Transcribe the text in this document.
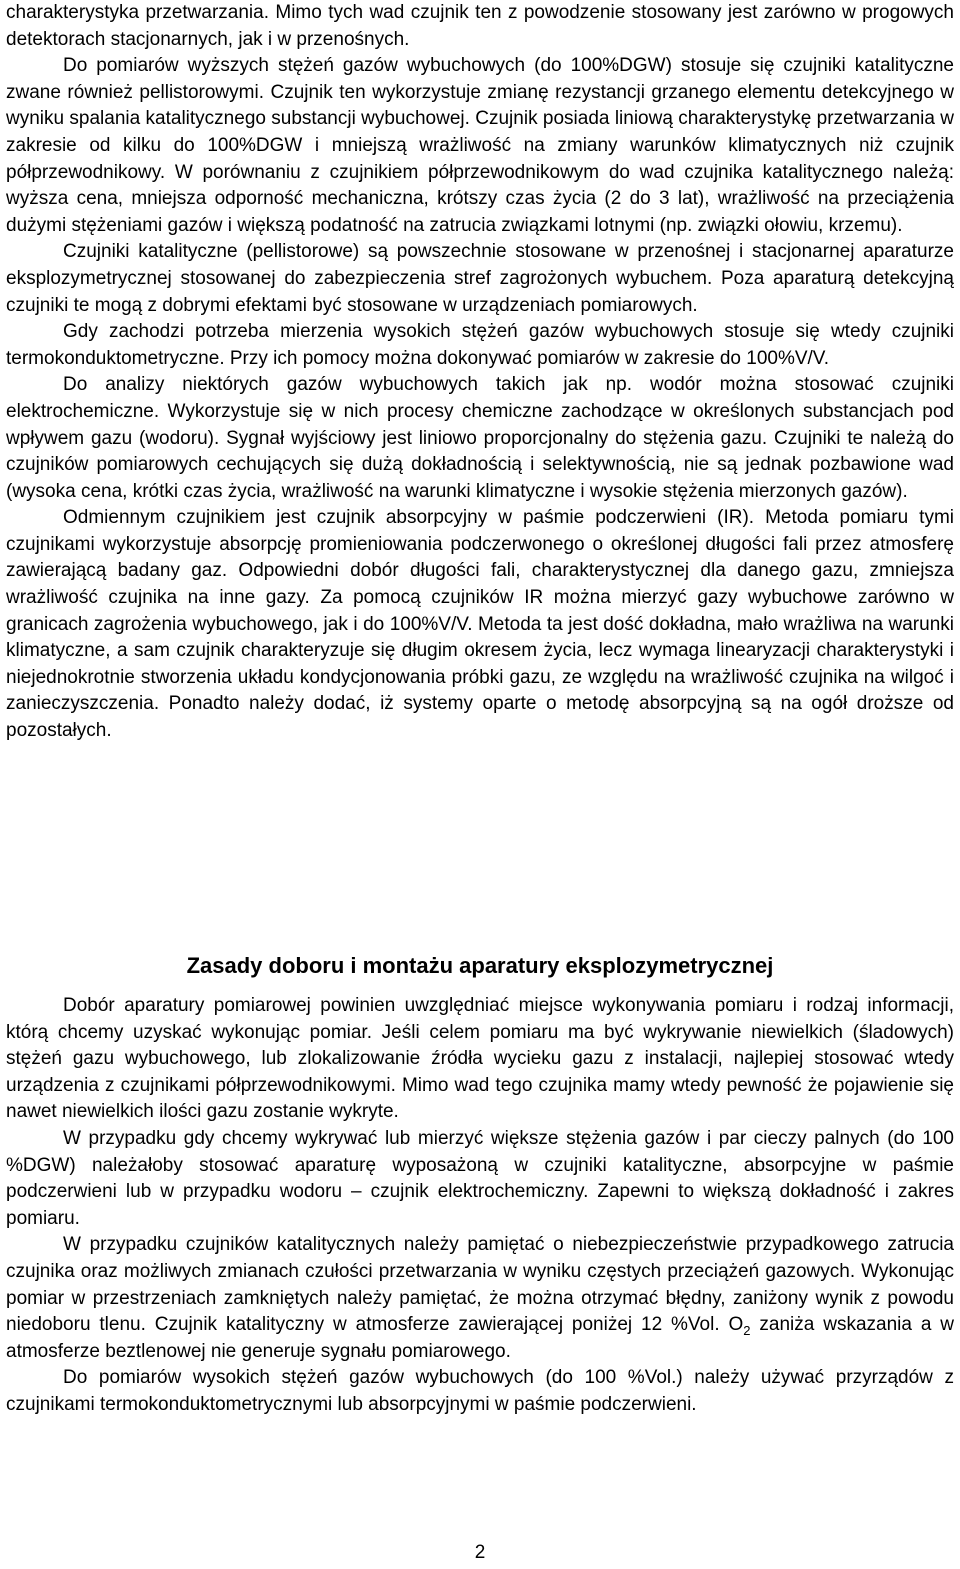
charakterystyka przetwarzania. Mimo tych wad czujnik ten z powodzenie stosowany jest zarówno w progowych detektorach stacjonarnych, jak i w przenośnych.

Do pomiarów wyższych stężeń gazów wybuchowych (do 100%DGW) stosuje się czujniki katalityczne zwane również pellistorowymi. Czujnik ten wykorzystuje zmianę rezystancji grzanego elementu detekcyjnego w wyniku spalania katalitycznego substancji wybuchowej. Czujnik posiada liniową charakterystykę przetwarzania w zakresie od kilku do 100%DGW i mniejszą wrażliwość na zmiany warunków klimatycznych niż czujnik półprzewodnikowy. W porównaniu z czujnikiem półprzewodnikowym do wad czujnika katalitycznego należą: wyższa cena, mniejsza odporność mechaniczna, krótszy czas życia (2 do 3 lat), wrażliwość na przeciążenia dużymi stężeniami gazów i większą podatność na zatrucia związkami lotnymi (np. związki ołowiu, krzemu).

Czujniki katalityczne (pellistorowe) są powszechnie stosowane w przenośnej i stacjonarnej aparaturze eksplozymetrycznej stosowanej do zabezpieczenia stref zagrożonych wybuchem. Poza aparaturą detekcyjną czujniki te mogą z dobrymi efektami być stosowane w urządzeniach pomiarowych.

Gdy zachodzi potrzeba mierzenia wysokich stężeń gazów wybuchowych stosuje się wtedy czujniki termokonduktometryczne. Przy ich pomocy można dokonywać pomiarów w zakresie do 100%V/V.

Do analizy niektórych gazów wybuchowych takich jak np. wodór można stosować czujniki elektrochemiczne. Wykorzystuje się w nich procesy chemiczne zachodzące w określonych substancjach pod wpływem gazu (wodoru). Sygnał wyjściowy jest liniowo proporcjonalny do stężenia gazu. Czujniki te należą do czujników pomiarowych cechujących się dużą dokładnością i selektywnością, nie są jednak pozbawione wad (wysoka cena, krótki czas życia, wrażliwość na warunki klimatyczne i wysokie stężenia mierzonych gazów).

Odmiennym czujnikiem jest czujnik absorpcyjny w paśmie podczerwieni (IR). Metoda pomiaru tymi czujnikami wykorzystuje absorpcję promieniowania podczerwonego o określonej długości fali przez atmosferę zawierającą badany gaz. Odpowiedni dobór długości fali, charakterystycznej dla danego gazu, zmniejsza wrażliwość czujnika na inne gazy. Za pomocą czujników IR można mierzyć gazy wybuchowe zarówno w granicach zagrożenia wybuchowego, jak i do 100%V/V. Metoda ta jest dość dokładna, mało wrażliwa na warunki klimatyczne, a sam czujnik charakteryzuje się długim okresem życia, lecz wymaga linearyzacji charakterystyki i niejednokrotnie stworzenia układu kondycjonowania próbki gazu, ze względu na wrażliwość czujnika na wilgoć i zanieczyszczenia. Ponadto należy dodać, iż systemy oparte o metodę absorpcyjną są na ogół droższe od pozostałych.

Zasady doboru i montażu aparatury eksplozymetrycznej

Dobór aparatury pomiarowej powinien uwzględniać miejsce wykonywania pomiaru i rodzaj informacji, którą chcemy uzyskać wykonując pomiar. Jeśli celem pomiaru ma być wykrywanie niewielkich (śladowych) stężeń gazu wybuchowego, lub zlokalizowanie źródła wycieku gazu z instalacji, najlepiej stosować wtedy urządzenia z czujnikami półprzewodnikowymi. Mimo wad tego czujnika mamy wtedy pewność że pojawienie się nawet niewielkich ilości gazu zostanie wykryte.

W przypadku gdy chcemy wykrywać lub mierzyć większe stężenia gazów i par cieczy palnych (do 100 %DGW) należałoby stosować aparaturę wyposażoną w czujniki katalityczne, absorpcyjne w paśmie podczerwieni lub w przypadku wodoru – czujnik elektrochemiczny. Zapewni to większą dokładność i zakres pomiaru.

W przypadku czujników katalitycznych należy pamiętać o niebezpieczeństwie przypadkowego zatrucia czujnika oraz możliwych zmianach czułości przetwarzania w wyniku częstych przeciążeń gazowych. Wykonując pomiar w przestrzeniach zamkniętych należy pamiętać, że można otrzymać błędny, zaniżony wynik z powodu niedoboru tlenu. Czujnik katalityczny w atmosferze zawierającej poniżej 12 %Vol. $O_2$ zaniża wskazania a w atmosferze beztlenowej nie generuje sygnału pomiarowego.

Do pomiarów wysokich stężeń gazów wybuchowych (do 100 %Vol.) należy używać przyrządów z czujnikami termokonduktometrycznymi lub absorpcyjnymi w paśmie podczerwieni.

2
